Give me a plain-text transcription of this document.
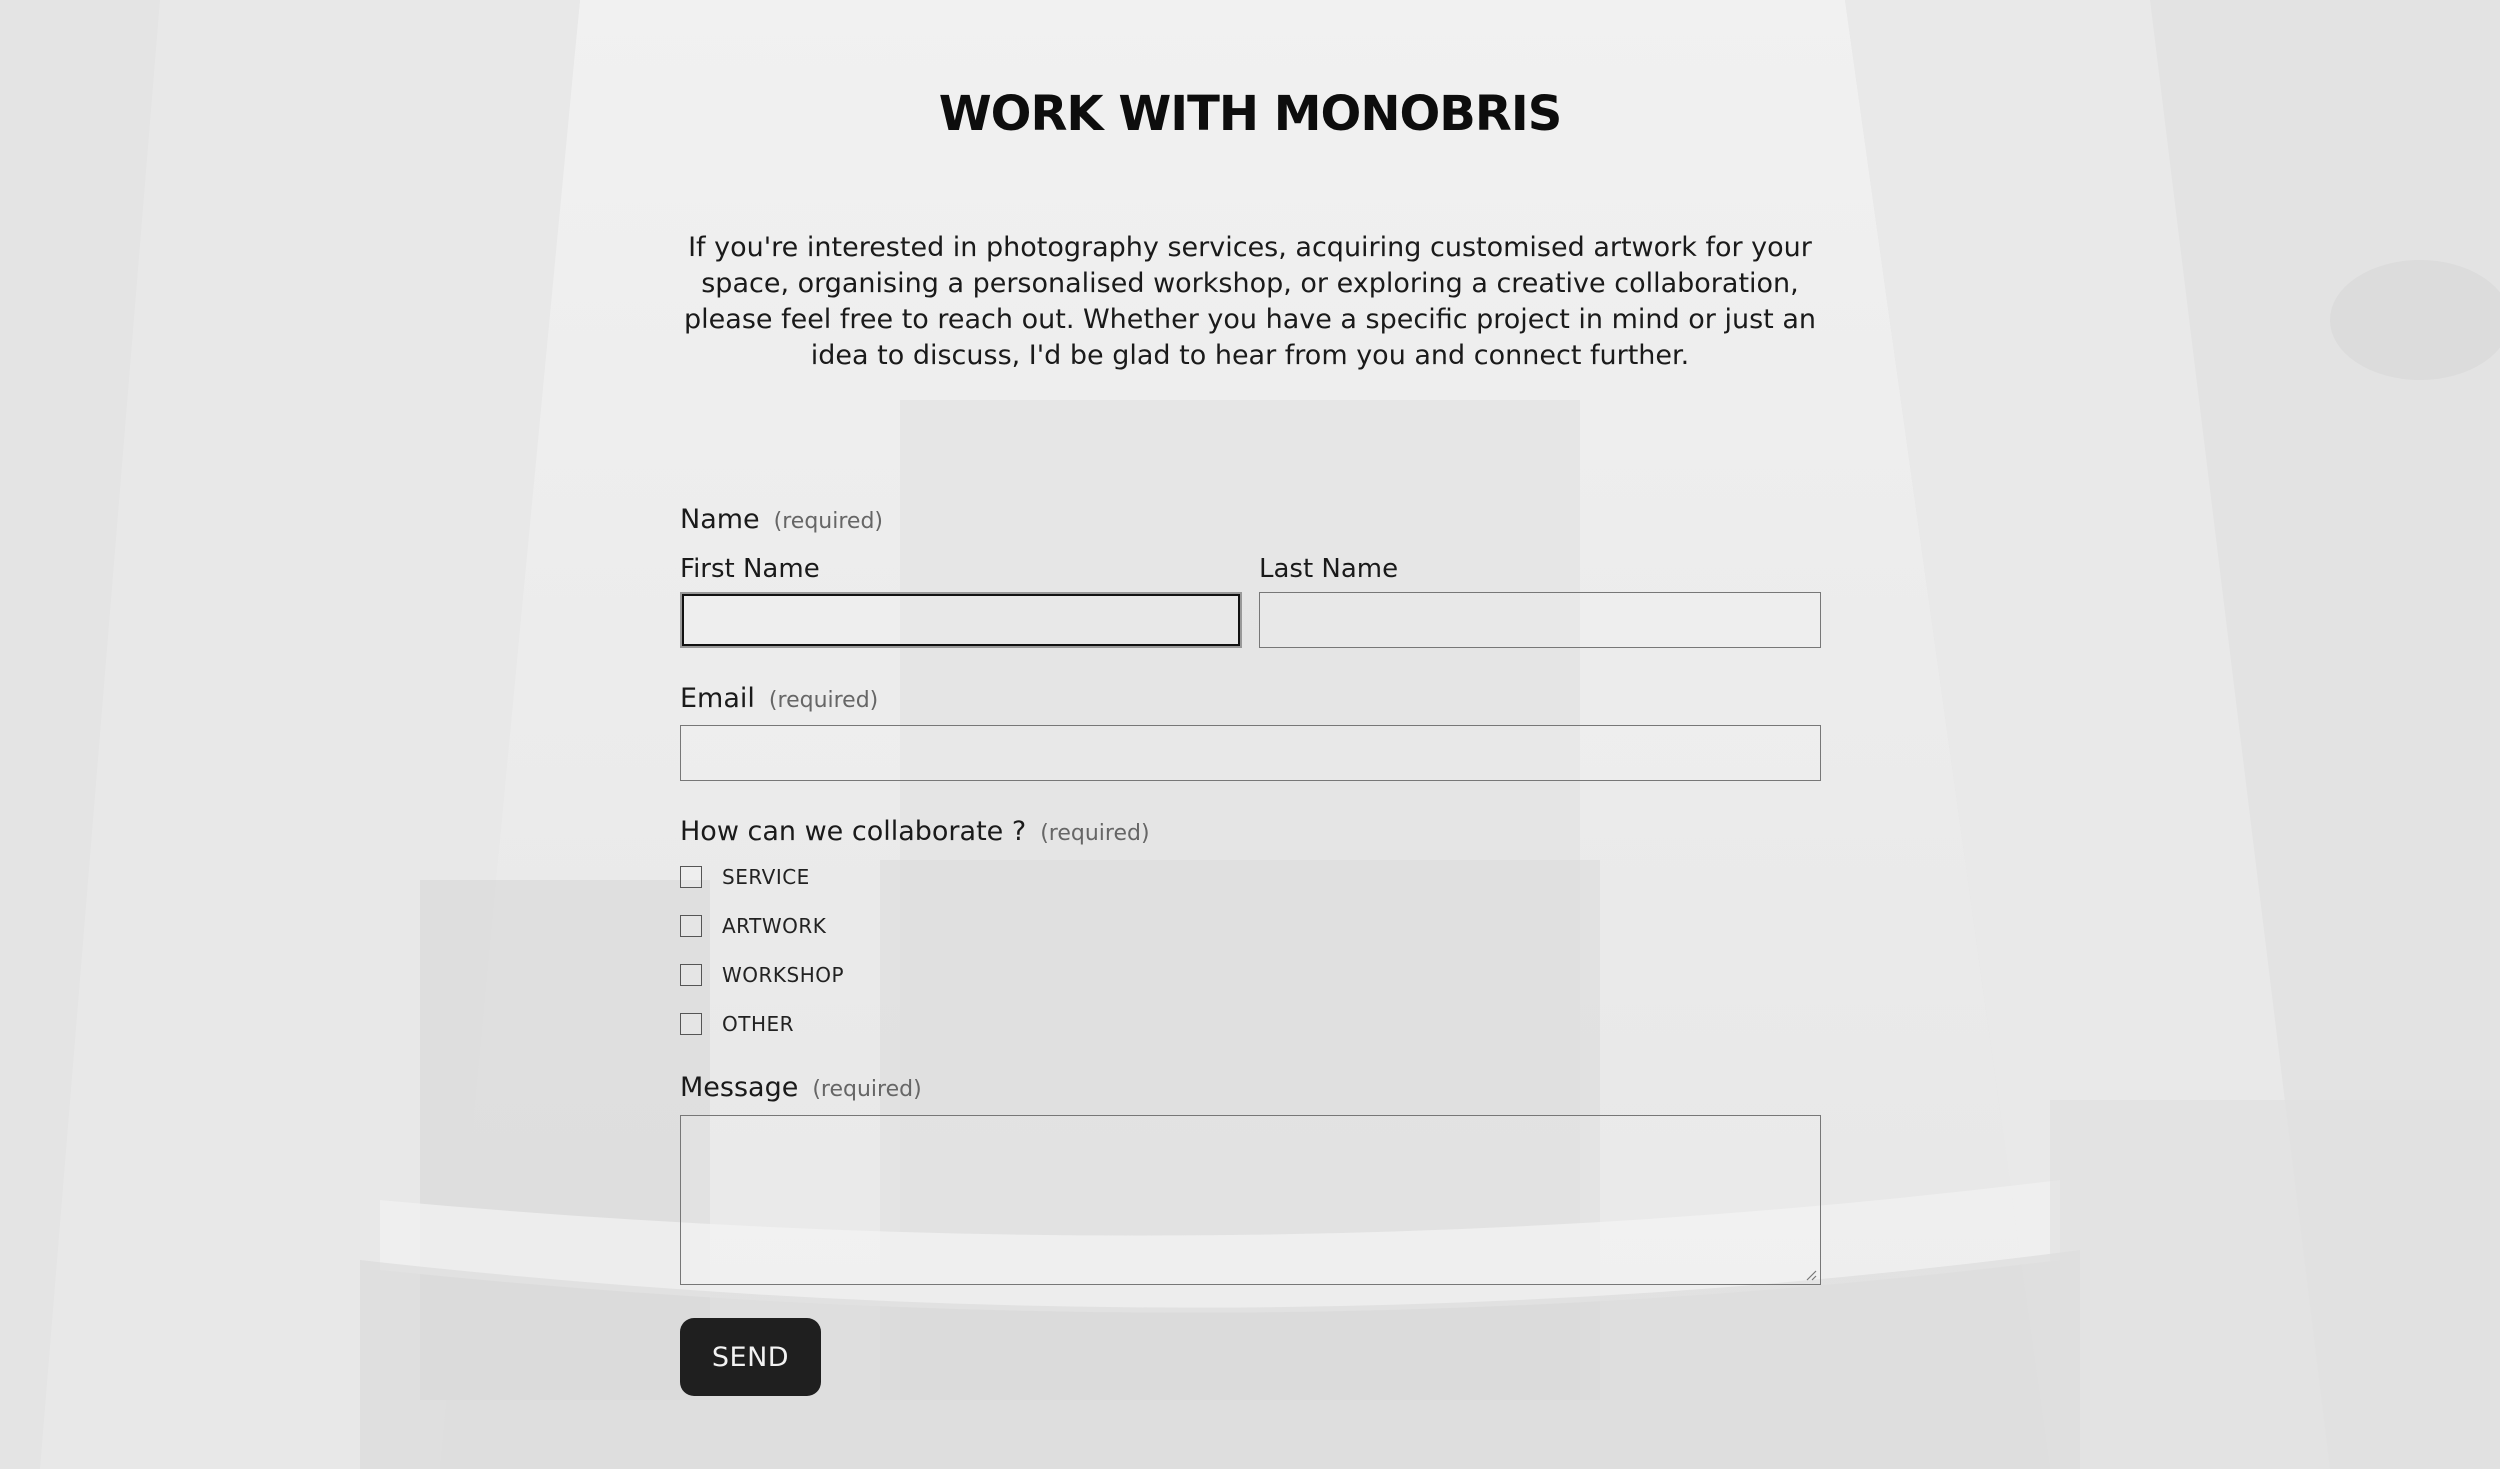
WORK WITH MONOBRIS

If you're interested in photography services, acquiring customised artwork for your space, organising a personalised workshop, or exploring a creative collaboration, please feel free to reach out. Whether you have a specific project in mind or just an idea to discuss, I'd be glad to hear from you and connect further.

Name (required)
First Name	Last Name
Email (required)
How can we collaborate ? (required)
SERVICE
ARTWORK
WORKSHOP
OTHER
Message (required)
SEND
